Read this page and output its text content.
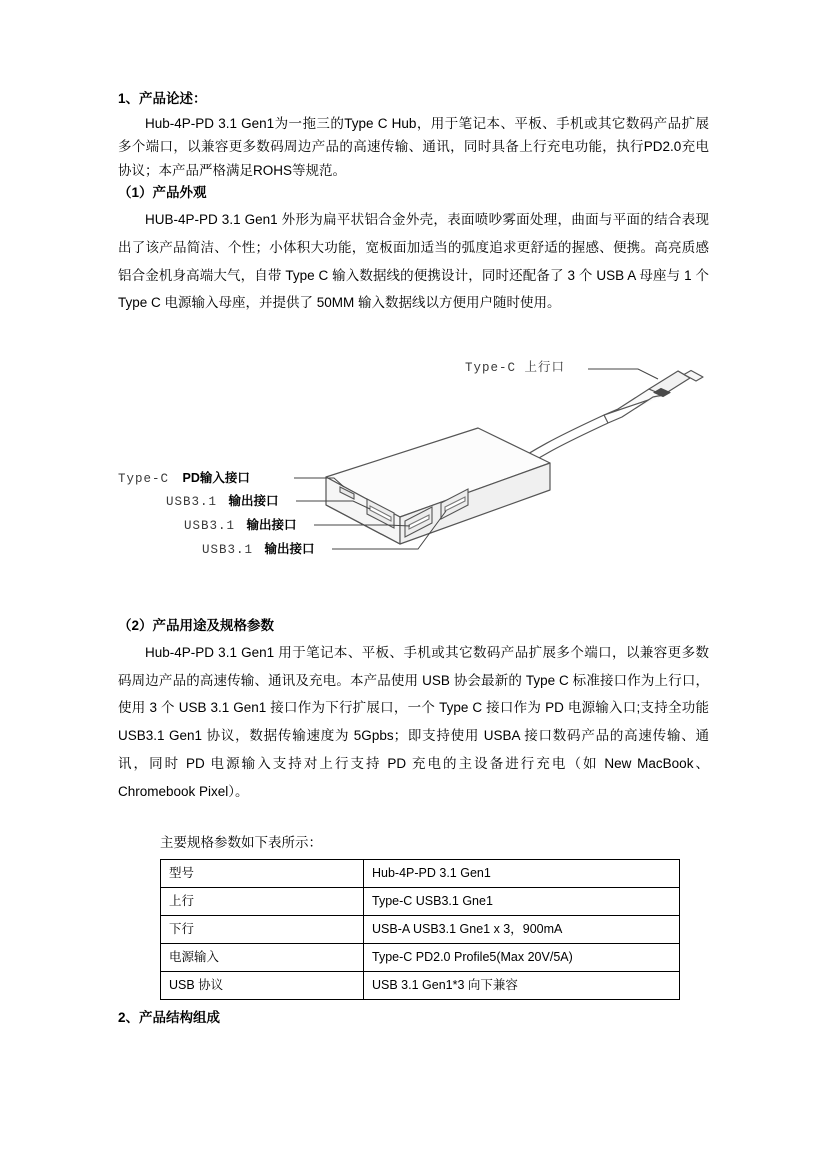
1、产品论述：

Hub-4P-PD 3.1 Gen1为一拖三的Type C Hub，用于笔记本、平板、手机或其它数码产品扩展多个端口，以兼容更多数码周边产品的高速传输、通讯，同时具备上行充电功能，执行PD2.0充电协议；本产品严格满足ROHS等规范。

（1）产品外观

HUB-4P-PD 3.1 Gen1 外形为扁平状铝合金外壳，表面喷吵雾面处理，曲面与平面的结合表现出了该产品简洁、个性；小体积大功能，宽板面加适当的弧度追求更舒适的握感、便携。高亮质感铝合金机身高端大气，自带 Type C 输入数据线的便携设计，同时还配备了 3 个 USB A 母座与 1 个 Type C 电源输入母座，并提供了 50MM 输入数据线以方便用户随时使用。

Type-C 上行口
Type-C PD输入接口
USB3.1 输出接口
USB3.1 输出接口
USB3.1 输出接口
（2）产品用途及规格参数

Hub-4P-PD 3.1 Gen1 用于笔记本、平板、手机或其它数码产品扩展多个端口，以兼容更多数码周边产品的高速传输、通讯及充电。本产品使用 USB 协会最新的 Type C 标准接口作为上行口，使用 3 个 USB 3.1 Gen1 接口作为下行扩展口，一个 Type C 接口作为 PD 电源输入口;支持全功能 USB3.1 Gen1 协议，数据传输速度为 5Gpbs；即支持使用 USBA 接口数码产品的高速传输、通讯，同时 PD 电源输入支持对上行支持 PD 充电的主设备进行充电（如 New MacBook、Chromebook Pixel）。

主要规格参数如下表所示：
型号	Hub-4P-PD 3.1 Gen1
上行	Type-C USB3.1 Gne1
下行	USB-A USB3.1 Gne1 x 3，900mA
电源输入	Type-C PD2.0 Profile5(Max 20V/5A)
USB 协议	USB 3.1 Gen1*3 向下兼容
2、产品结构组成
